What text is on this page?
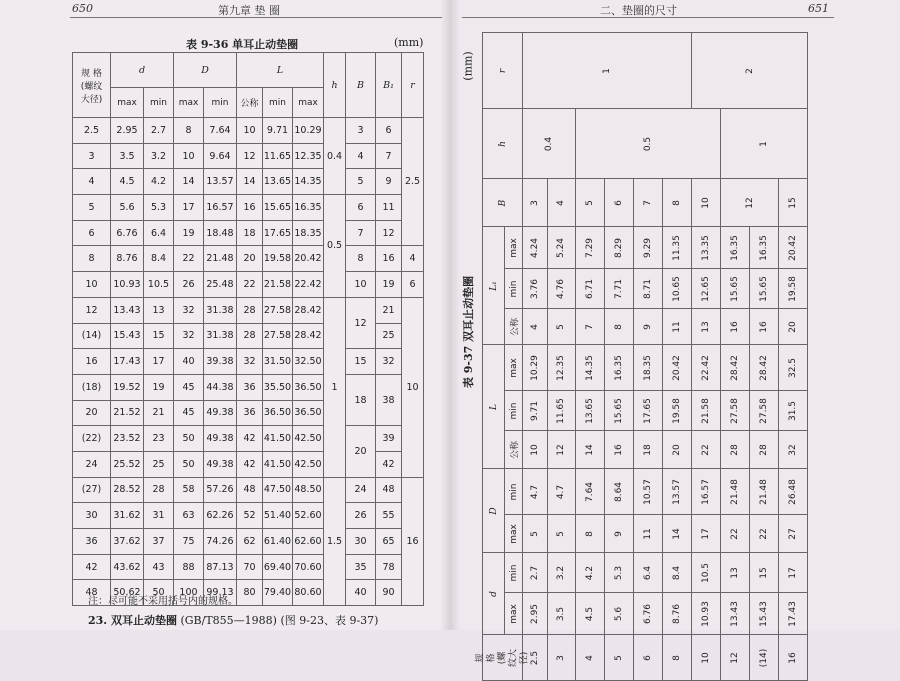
650	第九章 垫 圈	二、垫圈的尺寸	651
表 9-36 单耳止动垫圈	(mm)
规 格
(螺纹
大径)	d		D		L			h	B	B₁	r
	max	min	max	min	公称	min	max				
2.5	2.95	2.7	8	7.64	10	9.71	10.29	0.4	3	6	2.5
3	3.5	3.2	10	9.64	12	11.65	12.35		4	7	
4	4.5	4.2	14	13.57	14	13.65	14.35		5	9	
5	5.6	5.3	17	16.57	16	15.65	16.35	0.5	6	11	
6	6.76	6.4	19	18.48	18	17.65	18.35		7	12	
8	8.76	8.4	22	21.48	20	19.58	20.42		8	16	4
10	10.93	10.5	26	25.48	22	21.58	22.42		10	19	6
12	13.43	13	32	31.38	28	27.58	28.42	1	12	21	10
(14)	15.43	15	32	31.38	28	27.58	28.42			25	
16	17.43	17	40	39.38	32	31.50	32.50		15	32	
(18)	19.52	19	45	44.38	36	35.50	36.50		18	38	
20	21.52	21	45	49.38	36	36.50	36.50				
(22)	23.52	23	50	49.38	42	41.50	42.50		20	39	
24	25.52	25	50	49.38	42	41.50	42.50			42	
(27)	28.52	28	58	57.26	48	47.50	48.50	1.5	24	48	16
30	31.62	31	63	62.26	52	51.40	52.60		26	55	
36	37.62	37	75	74.26	62	61.40	62.60		30	65	
42	43.62	43	88	87.13	70	69.40	70.60		35	78	
48	50.62	50	100	99.13	80	79.40	80.60		40	90	
注：尽可能不采用括号内的规格。
23. 双耳止动垫圈 (GB/T855—1988) (图 9-23、表 9-37)
表 9-37 双耳止动垫圈
(mm)	r		1						2			

h		0.4		0.5					1		

B		3	4	5	6	7	8	10	12		15

L₁	max	4.24	5.24	7.29	8.29	9.29	11.35	13.35	16.35	16.35	20.42

	min	3.76	4.76	6.71	7.71	8.71	10.65	12.65	15.65	15.65	19.58

	公称	4	5	7	8	9	11	13	16	16	20

L	max	10.29	12.35	14.35	16.35	18.35	20.42	22.42	28.42	28.42	32.5

	min	9.71	11.65	13.65	15.65	17.65	19.58	21.58	27.58	27.58	31.5

	公称	10	12	14	16	18	20	22	28	28	32

D	min	4.7	4.7	7.64	8.64	10.57	13.57	16.57	21.48	21.48	26.48

	max	5	5	8	9	11	14	17	22	22	27

d	min	2.7	3.2	4.2	5.3	6.4	8.4	10.5	13	15	17

	max	2.95	3.5	4.5	5.6	6.76	8.76	10.93	13.43	15.43	17.43

规 格
(螺纹大径)		2.5	3	4	5	6	8	10	12	(14)	16
